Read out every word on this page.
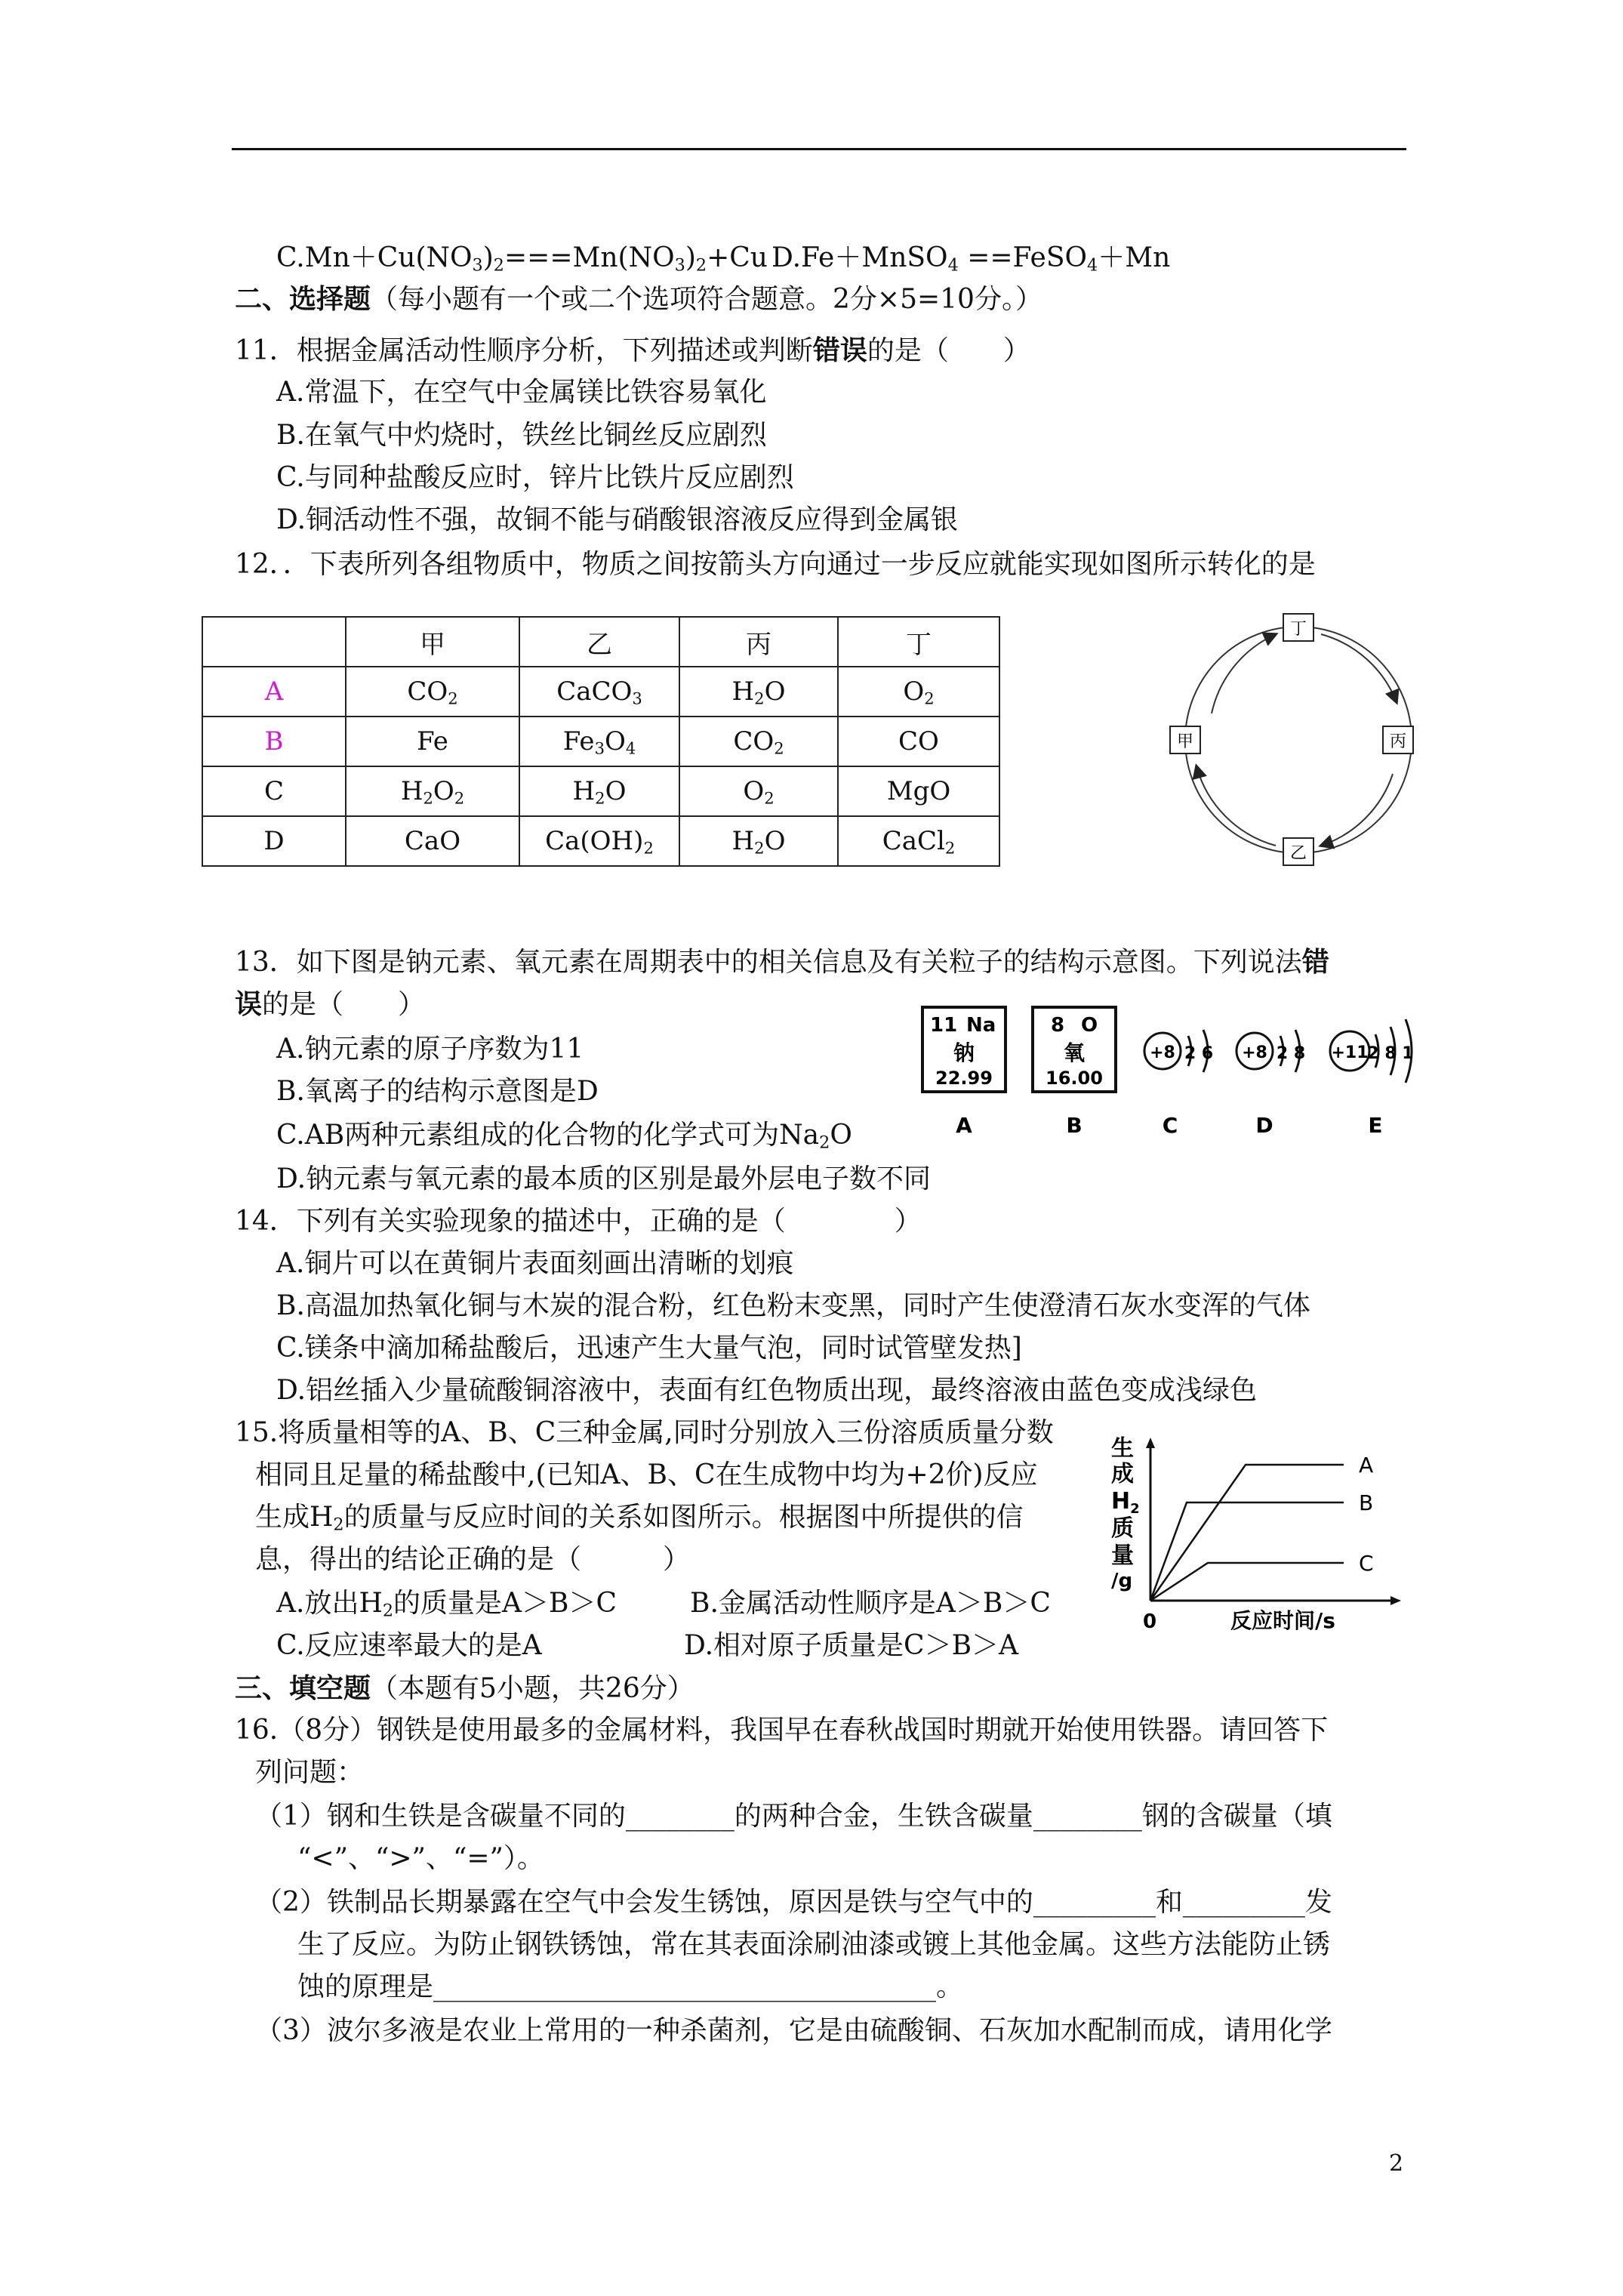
$C.Mn+Cu(NO_3)_2===Mn(NO_3)_2+Cu$ D.Fe＋MnSO$_4$ ==FeSO$_4$＋Mn
二、选择题（每小题有一个或二个选项符合题意。2分×5=10分。）
11．根据金属活动性顺序分析，下列描述或判断错误的是（　　）
A.常温下，在空气中金属镁比铁容易氧化
B.在氧气中灼烧时，铁丝比铜丝反应剧烈
C.与同种盐酸反应时，锌片比铁片反应剧烈
D.铜活动性不强，故铜不能与硝酸银溶液反应得到金属银
12．．下表所列各组物质中，物质之间按箭头方向通过一步反应就能实现如图所示转化的是
	甲	乙	丙	丁
A	$CO_2$	CaCO$_3$	$H_2O$	$O_2$
B	Fe	$Fe_3O_4$	$CO_2$	CO
C	$H_2O_2$	$H_2O$	$O_2$	MgO
D	CaO	$Ca(OH)_2$	$H_2O$	CaCl$_2$
丁
甲	丙
乙
13．如下图是钠元素、氧元素在周期表中的相关信息及有关粒子的结构示意图。下列说法错
误的是（　　）
A.钠元素的原子序数为11
B.氧离子的结构示意图是D
C.AB两种元素组成的化合物的化学式可为$Na_2O$
D.钠元素与氧元素的最本质的区别是最外层电子数不同
11 Na
钠
22.99
A
8 O
氧
16.00
B
+8 2 6
C
+8 2 8
D
+11
2 8 1
E
14．下列有关实验现象的描述中，正确的是（　　　　）
A.铜片可以在黄铜片表面刻画出清晰的划痕
B.高温加热氧化铜与木炭的混合粉，红色粉末变黑，同时产生使澄清石灰水变浑的气体
C.镁条中滴加稀盐酸后，迅速产生大量气泡，同时试管壁发热]
D.铝丝插入少量硫酸铜溶液中，表面有红色物质出现，最终溶液由蓝色变成浅绿色
15.将质量相等的A、B、C三种金属,同时分别放入三份溶质质量分数
相同且足量的稀盐酸中,(已知A、B、C在生成物中均为+2价)反应
生成$H_2$的质量与反应时间的关系如图所示。根据图中所提供的信
息，得出的结论正确的是（　　　）
A.放出$H_2$的质量是A＞B＞C	B.金属活动性顺序是A＞B＞C
C.反应速率最大的是A	D.相对原子质量是C＞B＞A
生
成
$H_2$
质
量
/g
0	反应时间/s
A
B
C
三、填空题（本题有5小题，共26分）
16.（8分）钢铁是使用最多的金属材料，我国早在春秋战国时期就开始使用铁器。请回答下
列问题：
（1）钢和生铁是含碳量不同的________的两种合金，生铁含碳量________钢的含碳量（填
“<”、“>”、“=”）。
（2）铁制品长期暴露在空气中会发生锈蚀，原因是铁与空气中的_________和_________发
生了反应。为防止钢铁锈蚀，常在其表面涂刷油漆或镀上其他金属。这些方法能防止锈
蚀的原理是_____________________________________。
（3）波尔多液是农业上常用的一种杀菌剂，它是由硫酸铜、石灰加水配制而成，请用化学
2
